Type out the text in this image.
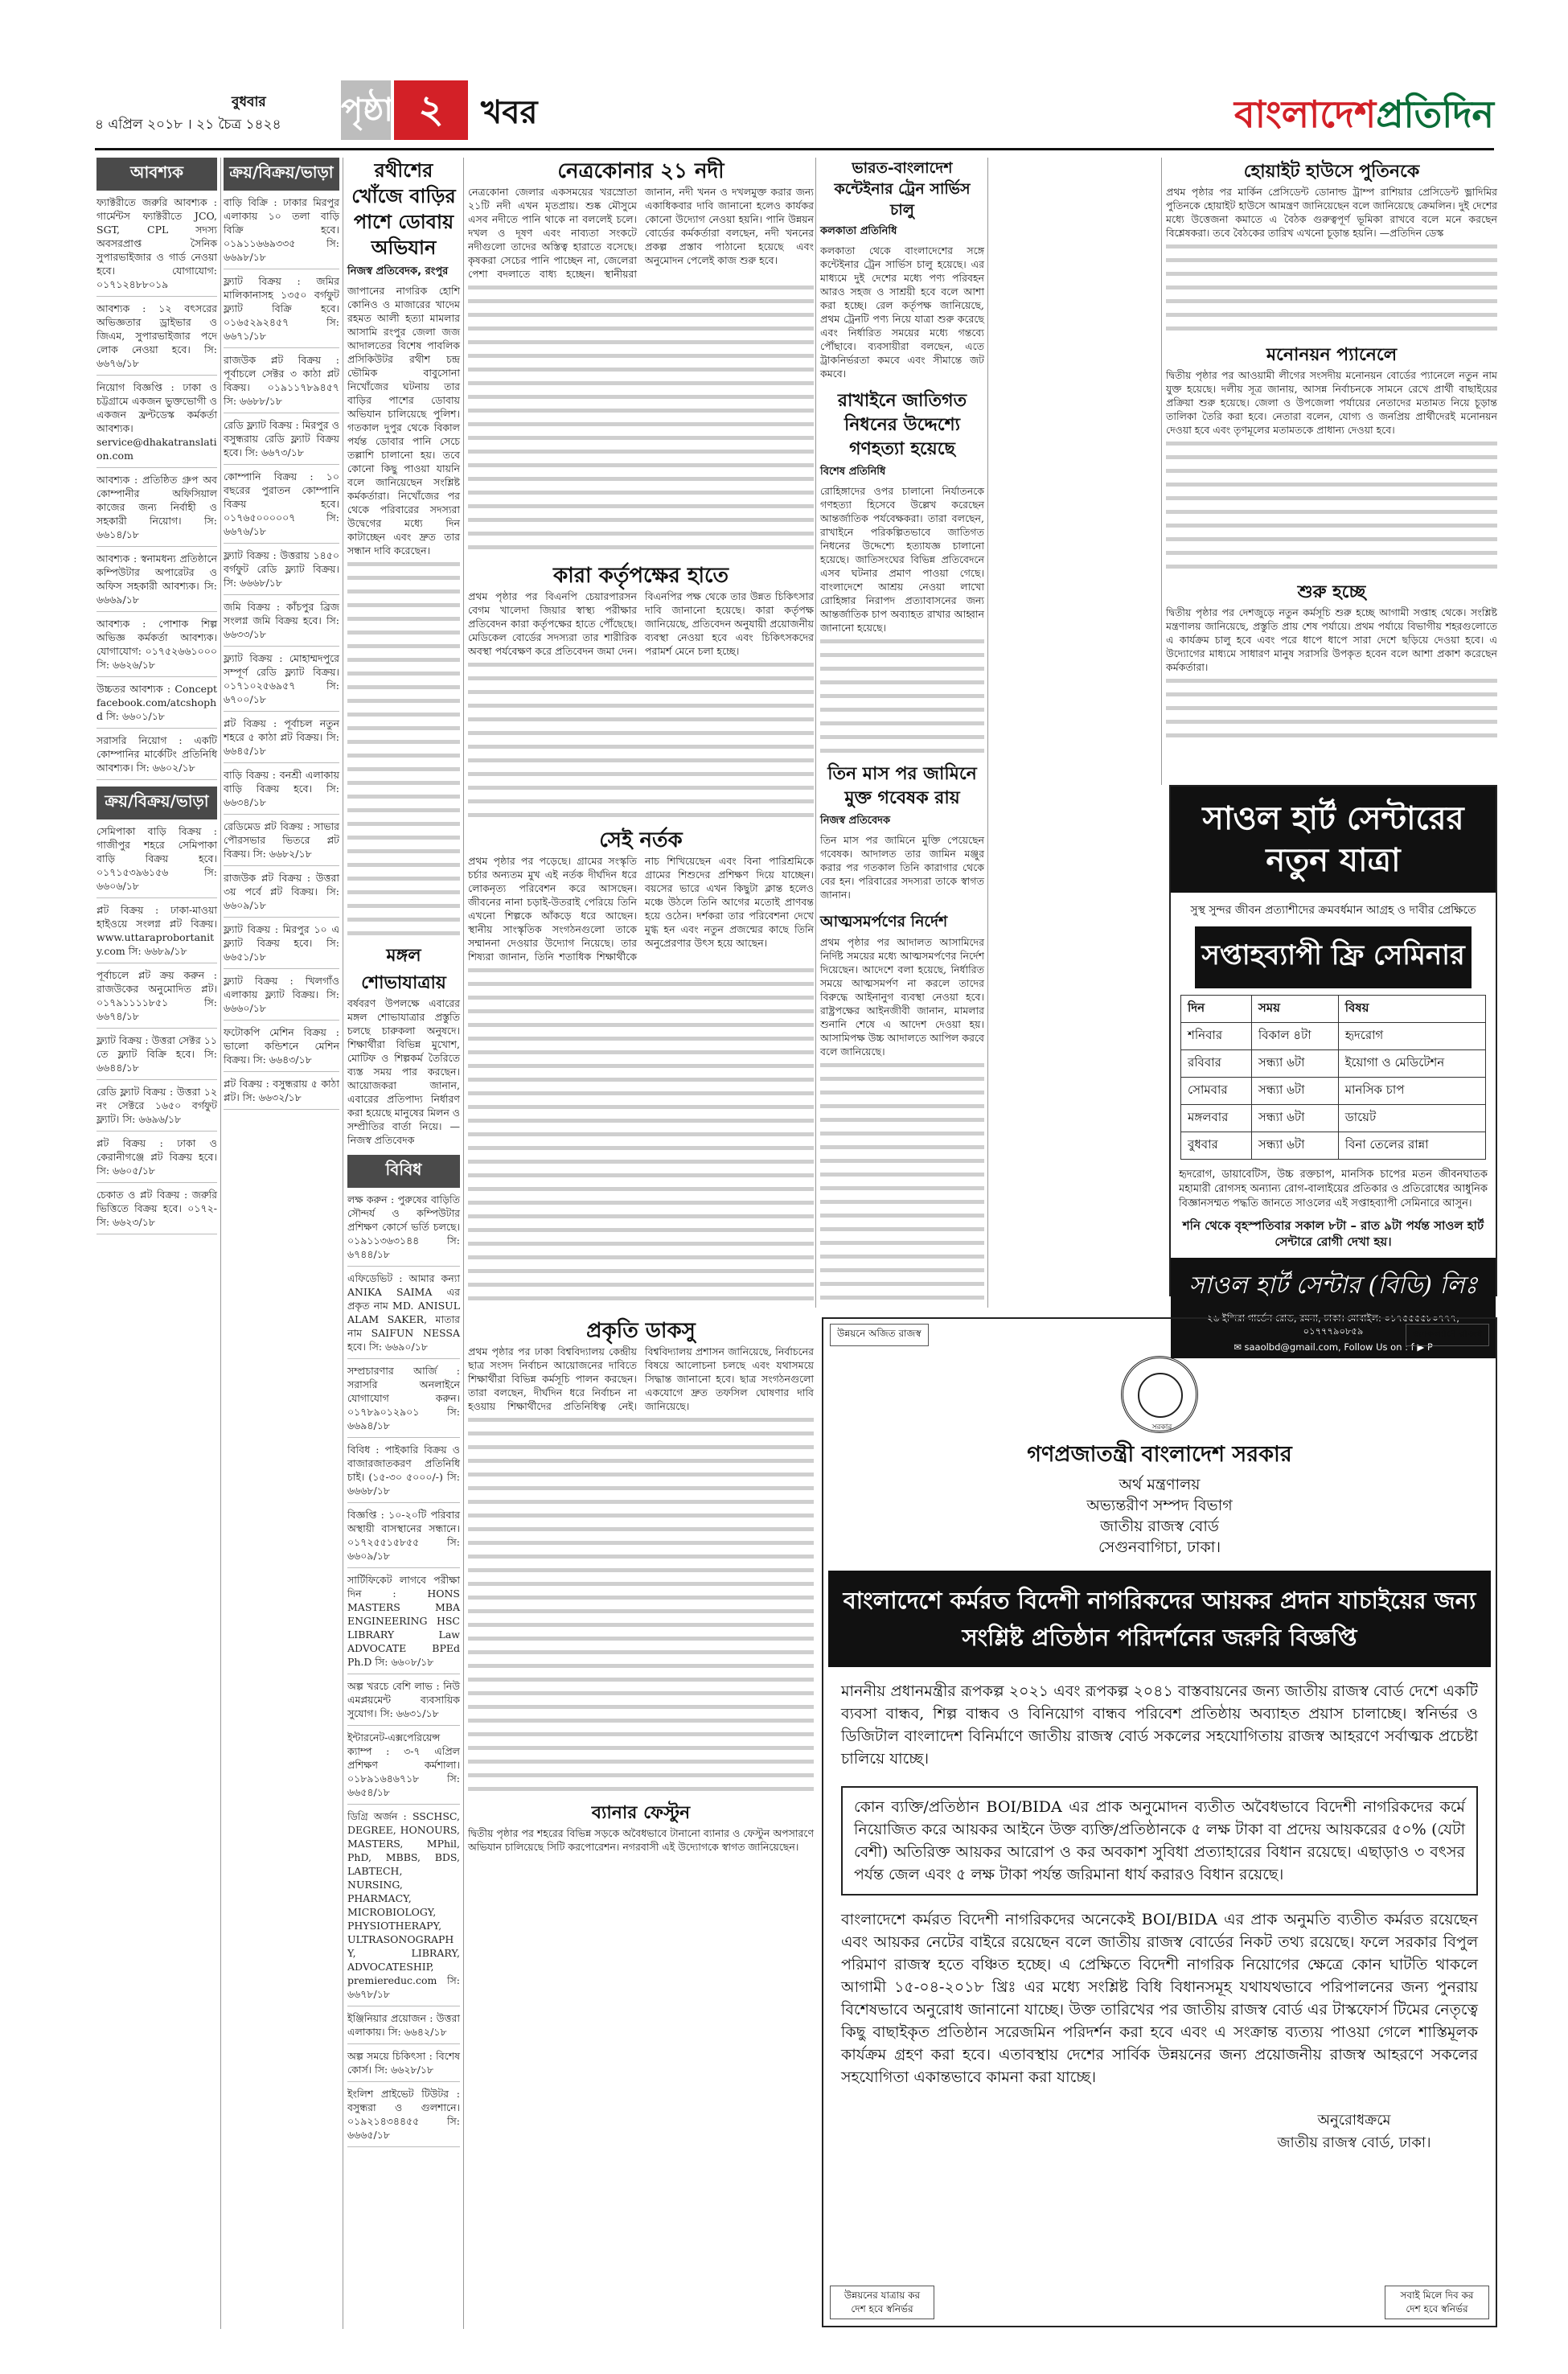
বুধবার
৪ এপ্রিল ২০১৮ । ২১ চৈত্র ১৪২৪ পৃষ্ঠা ২	খবর	বাংলাদেশপ্রতিদিন
আবশ্যক
ফ্যাক্টরীতে জরুরি আবশ্যক : গার্মেন্টস ফ্যাক্টরীতে JCO, SGT, CPL সদস্য অবসরপ্রাপ্ত সৈনিক সুপারভাইজার ও গার্ড নেওয়া হবে। যোগাযোগ: ০১৭১২৪৮৮০১৯
আবশ্যক : ১২ বৎসরের অভিজ্ঞতার ড্রাইভার ও জিএম, সুপারভাইজার পদে লোক নেওয়া হবে। সি: ৬৬৭৬/১৮
নিয়োগ বিজ্ঞপ্তি : ঢাকা ও চট্টগ্রামে একজন ভুক্তভোগী ও একজন ফ্রন্টডেস্ক কর্মকর্তা আবশ্যক। service@dhakatranslation.com
আবশ্যক : প্রতিষ্ঠিত গ্রুপ অব কোম্পানীর অফিসিয়াল কাজের জন্য নির্বাহী ও সহকারী নিয়োগ। সি: ৬৬১৪/১৮
আবশ্যক : স্বনামধন্য প্রতিষ্ঠানে কম্পিউটার অপারেটর ও অফিস সহকারী আবশ্যক। সি: ৬৬৬৯/১৮
আবশ্যক : পোশাক শিল্প অভিজ্ঞ কর্মকর্তা আবশ্যক। যোগাযোগ: ০১৭৫২৬৬১০০০ সি: ৬৬২৬/১৮
উচ্চতর আবশ্যক : Concept facebook.com/atcshophd সি: ৬৬০১/১৮
সরাসরি নিয়োগ : একটি কোম্পানির মার্কেটিং প্রতিনিধি আবশ্যক। সি: ৬৬০২/১৮
ক্রয়/বিক্রয়/ভাড়া
সেমিপাকা বাড়ি বিক্রয় : গাজীপুর শহরে সেমিপাকা বাড়ি বিক্রয় হবে। ০১৭১৫৩৯৬১৫৬ সি: ৬৬০৬/১৮
প্লট বিক্রয় : ঢাকা-মাওয়া হাইওয়ে সংলগ্ন প্লট বিক্রয়। www.uttaraprobortanity.com সি: ৬৬৮৯/১৮
পূর্বাচলে প্লট ক্রয় করুন : রাজউকের অনুমোদিত প্লট। ০১৭৯১১১১৮৫১ সি: ৬৬৭৪/১৮
ফ্ল্যাট বিক্রয় : উত্তরা সেক্টর ১১ তে ফ্ল্যাট বিক্রি হবে। সি: ৬৬৪৪/১৮
রেডি ফ্ল্যাট বিক্রয় : উত্তরা ১২ নং সেক্টরে ১৬৫০ বর্গফুট ফ্ল্যাট। সি: ৬৬৯৬/১৮
প্লট বিক্রয় : ঢাকা ও কেরানীগঞ্জে প্লট বিক্রয় হবে। সি: ৬৬০৫/১৮
চেকাত ও প্লট বিক্রয় : জরুরি ভিত্তিতে বিক্রয় হবে। ০১৭২- সি: ৬৬২৩/১৮
ক্রয়/বিক্রয়/ভাড়া
বাড়ি বিক্রি : ঢাকার মিরপুর এলাকায় ১০ তলা বাড়ি বিক্রি হবে। ০১৯১১৬৬৯৩৩৫ সি: ৬৬৯৮/১৮
ফ্ল্যাট বিক্রয় : জমির মালিকানাসহ ১৩৫০ বর্গফুট ফ্ল্যাট বিক্রি হবে। ০১৬৫২৯২৪৫৭ সি: ৬৬৭১/১৮
রাজউক প্লট বিক্রয় : পূর্বাচলে সেক্টর ৩ কাঠা প্লট বিক্রয়। ০১৯১১৭৮৯৪৫৭ সি: ৬৬৮৮/১৮
রেডি ফ্ল্যাট বিক্রয় : মিরপুর ও বসুন্ধরায় রেডি ফ্ল্যাট বিক্রয় হবে। সি: ৬৬৭৩/১৮
কোম্পানি বিক্রয় : ১০ বছরের পুরাতন কোম্পানি বিক্রয় হবে। ০১৭৬৫০০০০০৭ সি: ৬৬৭৬/১৮
ফ্ল্যাট বিক্রয় : উত্তরায় ১৪৫০ বর্গফুট রেডি ফ্ল্যাট বিক্রয়। সি: ৬৬৬৮/১৮
জমি বিক্রয় : কাঁচপুর ব্রিজ সংলগ্ন জমি বিক্রয় হবে। সি: ৬৬৩৩/১৮
ফ্ল্যাট বিক্রয় : মোহাম্মদপুরে সম্পূর্ণ রেডি ফ্ল্যাট বিক্রয়। ০১৭১০২৫৬৯৫৭ সি: ৬৭০০/১৮
প্লট বিক্রয় : পূর্বাচল নতুন শহরে ৫ কাঠা প্লট বিক্রয়। সি: ৬৬৪৫/১৮
বাড়ি বিক্রয় : বনশ্রী এলাকায় বাড়ি বিক্রয় হবে। সি: ৬৬৩৪/১৮
রেডিমেড প্লট বিক্রয় : সাভার পৌরসভার ভিতরে প্লট বিক্রয়। সি: ৬৬৮২/১৮
রাজউক প্লট বিক্রয় : উত্তরা ৩য় পর্বে প্লট বিক্রয়। সি: ৬৬০৯/১৮
ফ্ল্যাট বিক্রয় : মিরপুর ১০ এ ফ্ল্যাট বিক্রয় হবে। সি: ৬৬৫১/১৮
ফ্ল্যাট বিক্রয় : খিলগাঁও এলাকায় ফ্ল্যাট বিক্রয়। সি: ৬৬৬০/১৮
ফটোকপি মেশিন বিক্রয় : ভালো কন্ডিশনে মেশিন বিক্রয়। সি: ৬৬৪৩/১৮
প্লট বিক্রয় : বসুন্ধরায় ৫ কাঠা প্লট। সি: ৬৬৩২/১৮
রথীশের খোঁজে বাড়ির পাশে ডোবায় অভিযান
নিজস্ব প্রতিবেদক, রংপুর
জাপানের নাগরিক হোশি কোনিও ও মাজারের খাদেম রহমত আলী হত্যা মামলার আসামি রংপুর জেলা জজ আদালতের বিশেষ পাবলিক প্রসিকিউটর রথীশ চন্দ্র ভৌমিক বাবুসোনা নিখোঁজের ঘটনায় তার বাড়ির পাশের ডোবায় অভিযান চালিয়েছে পুলিশ। গতকাল দুপুর থেকে বিকাল পর্যন্ত ডোবার পানি সেচে তল্লাশি চালানো হয়। তবে কোনো কিছু পাওয়া যায়নি বলে জানিয়েছেন সংশ্লিষ্ট কর্মকর্তারা। নিখোঁজের পর থেকে পরিবারের সদস্যরা উদ্বেগের মধ্যে দিন কাটাচ্ছেন এবং দ্রুত তার সন্ধান দাবি করেছেন।
মঙ্গল শোভাযাত্রায়
বর্ষবরণ উপলক্ষে এবারের মঙ্গল শোভাযাত্রার প্রস্তুতি চলছে চারুকলা অনুষদে। শিক্ষার্থীরা বিভিন্ন মুখোশ, মোটিফ ও শিল্পকর্ম তৈরিতে ব্যস্ত সময় পার করছেন। আয়োজকরা জানান, এবারের প্রতিপাদ্য নির্ধারণ করা হয়েছে মানুষের মিলন ও সম্প্রীতির বার্তা নিয়ে। —নিজস্ব প্রতিবেদক
বিবিধ
লক্ষ করুন : পুরুষের বাড়িতি সৌন্দর্য ও কম্পিউটার প্রশিক্ষণ কোর্সে ভর্তি চলছে। ০১৯১১৩৬৩১৪৪ সি: ৬৭৪৪/১৮
এফিডেভিট : আমার কন্যা ANIKA SAIMA এর প্রকৃত নাম MD. ANISUL ALAM SAKER, মাতার নাম SAIFUN NESSA হবে। সি: ৬৬৯০/১৮
সম্প্রচারণার আর্জি : সরাসরি অনলাইনে যোগাযোগ করুন। ০১৭৮৯০১২৯০১ সি: ৬৬৯৪/১৮
বিবিধ : পাইকারি বিক্রয় ও বাজারজাতকরণ প্রতিনিধি চাই। (১৫-৩০ ৫০০০/-) সি: ৬৬৬৮/১৮
বিজ্ঞপ্তি : ১০-২০টি পরিবার অস্থায়ী বাসস্থানের সন্ধানে। ০১৭২৫৫১৫৮৫৫ সি: ৬৬০৯/১৮
সার্টিফিকেট লাগবে পরীক্ষা দিন : HONS MASTERS MBA ENGINEERING HSC LIBRARY Law ADVOCATE BPEd Ph.D সি: ৬৬০৮/১৮
অল্প খরচে বেশি লাভ : নিউ এমপ্লয়মেন্ট ব্যবসায়িক সুযোগ। সি: ৬৬৩১/১৮
ইন্টারনেট-এক্সপেরিয়েন্স ক্যাম্প : ৩-৭ এপ্রিল প্রশিক্ষণ কর্মশালা। ০১৮৯১৬৪৬৭১৮ সি: ৬৬৫৪/১৮
ডিগ্রি অর্জন : SSCHSC, DEGREE, HONOURS, MASTERS, MPhil, PhD, MBBS, BDS, LABTECH, NURSING, PHARMACY, MICROBIOLOGY, PHYSIOTHERAPY, ULTRASONOGRAPHY, LIBRARY, ADVOCATESHIP, premiereduc.com সি: ৬৬৭৮/১৮
ইঞ্জিনিয়ার প্রয়োজন : উত্তরা এলাকায়। সি: ৬৬৪২/১৮
অল্প সময়ে চিকিৎসা : বিশেষ কোর্স। সি: ৬৬২৮/১৮
ইংলিশ প্রাইভেট টিউটর : বসুন্ধরা ও গুলশানে। ০১৯২১৪৩৪৪৫৫ সি: ৬৬৬৫/১৮
নেত্রকোনার ২১ নদী
নেত্রকোনা জেলার একসময়ের খরস্রোতা ২১টি নদী এখন মৃতপ্রায়। শুষ্ক মৌসুমে এসব নদীতে পানি থাকে না বললেই চলে। দখল ও দূষণ এবং নাব্যতা সংকটে নদীগুলো তাদের অস্তিত্ব হারাতে বসেছে। কৃষকরা সেচের পানি পাচ্ছেন না, জেলেরা পেশা বদলাতে বাধ্য হচ্ছেন। স্থানীয়রা জানান, নদী খনন ও দখলমুক্ত করার জন্য একাধিকবার দাবি জানানো হলেও কার্যকর কোনো উদ্যোগ নেওয়া হয়নি। পানি উন্নয়ন বোর্ডের কর্মকর্তারা বলছেন, নদী খননের প্রকল্প প্রস্তাব পাঠানো হয়েছে এবং অনুমোদন পেলেই কাজ শুরু হবে।
কারা কর্তৃপক্ষের হাতে
প্রথম পৃষ্ঠার পর বিএনপি চেয়ারপারসন বেগম খালেদা জিয়ার স্বাস্থ্য পরীক্ষার প্রতিবেদন কারা কর্তৃপক্ষের হাতে পৌঁছেছে। মেডিকেল বোর্ডের সদস্যরা তার শারীরিক অবস্থা পর্যবেক্ষণ করে প্রতিবেদন জমা দেন। বিএনপির পক্ষ থেকে তার উন্নত চিকিৎসার দাবি জানানো হয়েছে। কারা কর্তৃপক্ষ জানিয়েছে, প্রতিবেদন অনুযায়ী প্রয়োজনীয় ব্যবস্থা নেওয়া হবে এবং চিকিৎসকদের পরামর্শ মেনে চলা হচ্ছে।
সেই নর্তক
প্রথম পৃষ্ঠার পর পড়েছে। গ্রামের সংস্কৃতি চর্চার অন্যতম মুখ এই নর্তক দীর্ঘদিন ধরে লোকনৃত্য পরিবেশন করে আসছেন। জীবনের নানা চড়াই-উতরাই পেরিয়ে তিনি এখনো শিল্পকে আঁকড়ে ধরে আছেন। স্থানীয় সাংস্কৃতিক সংগঠনগুলো তাকে সম্মাননা দেওয়ার উদ্যোগ নিয়েছে। তার শিষ্যরা জানান, তিনি শতাধিক শিক্ষার্থীকে নাচ শিখিয়েছেন এবং বিনা পারিশ্রমিকে গ্রামের শিশুদের প্রশিক্ষণ দিয়ে যাচ্ছেন। বয়সের ভারে এখন কিছুটা ক্লান্ত হলেও মঞ্চে উঠলে তিনি আগের মতোই প্রাণবন্ত হয়ে ওঠেন। দর্শকরা তার পরিবেশনা দেখে মুগ্ধ হন এবং নতুন প্রজন্মের কাছে তিনি অনুপ্রেরণার উৎস হয়ে আছেন।
প্রকৃতি ডাকসু
প্রথম পৃষ্ঠার পর ঢাকা বিশ্ববিদ্যালয় কেন্দ্রীয় ছাত্র সংসদ নির্বাচন আয়োজনের দাবিতে শিক্ষার্থীরা বিভিন্ন কর্মসূচি পালন করছেন। তারা বলছেন, দীর্ঘদিন ধরে নির্বাচন না হওয়ায় শিক্ষার্থীদের প্রতিনিধিত্ব নেই। বিশ্ববিদ্যালয় প্রশাসন জানিয়েছে, নির্বাচনের বিষয়ে আলোচনা চলছে এবং যথাসময়ে সিদ্ধান্ত জানানো হবে। ছাত্র সংগঠনগুলো একযোগে দ্রুত তফসিল ঘোষণার দাবি জানিয়েছে।
ব্যানার ফেস্টুন
দ্বিতীয় পৃষ্ঠার পর শহরের বিভিন্ন সড়কে অবৈধভাবে টানানো ব্যানার ও ফেস্টুন অপসারণে অভিযান চালিয়েছে সিটি করপোরেশন। নগরবাসী এই উদ্যোগকে স্বাগত জানিয়েছেন।
ভারত-বাংলাদেশ কন্টেইনার ট্রেন সার্ভিস চালু
কলকাতা প্রতিনিধি
কলকাতা থেকে বাংলাদেশের সঙ্গে কন্টেইনার ট্রেন সার্ভিস চালু হয়েছে। এর মাধ্যমে দুই দেশের মধ্যে পণ্য পরিবহন আরও সহজ ও সাশ্রয়ী হবে বলে আশা করা হচ্ছে। রেল কর্তৃপক্ষ জানিয়েছে, প্রথম ট্রেনটি পণ্য নিয়ে যাত্রা শুরু করেছে এবং নির্ধারিত সময়ের মধ্যে গন্তব্যে পৌঁছাবে। ব্যবসায়ীরা বলছেন, এতে ট্রাকনির্ভরতা কমবে এবং সীমান্তে জট কমবে।
রাখাইনে জাতিগত নিধনের উদ্দেশ্যে গণহত্যা হয়েছে
বিশেষ প্রতিনিধি
রোহিঙ্গাদের ওপর চালানো নির্যাতনকে গণহত্যা হিসেবে উল্লেখ করেছেন আন্তর্জাতিক পর্যবেক্ষকরা। তারা বলছেন, রাখাইনে পরিকল্পিতভাবে জাতিগত নিধনের উদ্দেশ্যে হত্যাযজ্ঞ চালানো হয়েছে। জাতিসংঘের বিভিন্ন প্রতিবেদনে এসব ঘটনার প্রমাণ পাওয়া গেছে। বাংলাদেশে আশ্রয় নেওয়া লাখো রোহিঙ্গার নিরাপদ প্রত্যাবাসনের জন্য আন্তর্জাতিক চাপ অব্যাহত রাখার আহ্বান জানানো হয়েছে।
তিন মাস পর জামিনে মুক্ত গবেষক রায়
নিজস্ব প্রতিবেদক
তিন মাস পর জামিনে মুক্তি পেয়েছেন গবেষক। আদালত তার জামিন মঞ্জুর করার পর গতকাল তিনি কারাগার থেকে বের হন। পরিবারের সদস্যরা তাকে স্বাগত জানান।
আত্মসমর্পণের নির্দেশ
প্রথম পৃষ্ঠার পর আদালত আসামিদের নির্দিষ্ট সময়ের মধ্যে আত্মসমর্পণের নির্দেশ দিয়েছেন। আদেশে বলা হয়েছে, নির্ধারিত সময়ে আত্মসমর্পণ না করলে তাদের বিরুদ্ধে আইনানুগ ব্যবস্থা নেওয়া হবে। রাষ্ট্রপক্ষের আইনজীবী জানান, মামলার শুনানি শেষে এ আদেশ দেওয়া হয়। আসামিপক্ষ উচ্চ আদালতে আপিল করবে বলে জানিয়েছে।
হোয়াইট হাউসে পুতিনকে
প্রথম পৃষ্ঠার পর মার্কিন প্রেসিডেন্ট ডোনাল্ড ট্রাম্প রাশিয়ার প্রেসিডেন্ট ভ্লাদিমির পুতিনকে হোয়াইট হাউসে আমন্ত্রণ জানিয়েছেন বলে জানিয়েছে ক্রেমলিন। দুই দেশের মধ্যে উত্তেজনা কমাতে এ বৈঠক গুরুত্বপূর্ণ ভূমিকা রাখবে বলে মনে করছেন বিশ্লেষকরা। তবে বৈঠকের তারিখ এখনো চূড়ান্ত হয়নি। —প্রতিদিন ডেস্ক
মনোনয়ন প্যানেলে
দ্বিতীয় পৃষ্ঠার পর আওয়ামী লীগের সংসদীয় মনোনয়ন বোর্ডের প্যানেলে নতুন নাম যুক্ত হয়েছে। দলীয় সূত্র জানায়, আসন্ন নির্বাচনকে সামনে রেখে প্রার্থী বাছাইয়ের প্রক্রিয়া শুরু হয়েছে। জেলা ও উপজেলা পর্যায়ের নেতাদের মতামত নিয়ে চূড়ান্ত তালিকা তৈরি করা হবে। নেতারা বলেন, যোগ্য ও জনপ্রিয় প্রার্থীদেরই মনোনয়ন দেওয়া হবে এবং তৃণমূলের মতামতকে প্রাধান্য দেওয়া হবে।
শুরু হচ্ছে
দ্বিতীয় পৃষ্ঠার পর দেশজুড়ে নতুন কর্মসূচি শুরু হচ্ছে আগামী সপ্তাহ থেকে। সংশ্লিষ্ট মন্ত্রণালয় জানিয়েছে, প্রস্তুতি প্রায় শেষ পর্যায়ে। প্রথম পর্যায়ে বিভাগীয় শহরগুলোতে এ কার্যক্রম চালু হবে এবং পরে ধাপে ধাপে সারা দেশে ছড়িয়ে দেওয়া হবে। এ উদ্যোগের মাধ্যমে সাধারণ মানুষ সরাসরি উপকৃত হবেন বলে আশা প্রকাশ করেছেন কর্মকর্তারা।
সাওল হার্ট সেন্টারের নতুন যাত্রা
সুস্থ সুন্দর জীবন প্রত্যাশীদের ক্রমবর্ধমান আগ্রহ ও দাবীর প্রেক্ষিতে
সপ্তাহব্যাপী ফ্রি সেমিনার
দিন	সময়	বিষয়
শনিবার	বিকাল ৪টা	হৃদরোগ
রবিবার	সন্ধ্যা ৬টা	ইয়োগা ও মেডিটেশন
সোমবার	সন্ধ্যা ৬টা	মানসিক চাপ
মঙ্গলবার	সন্ধ্যা ৬টা	ডায়েট
বুধবার	সন্ধ্যা ৬টা	বিনা তেলের রান্না
হৃদরোগ, ডায়াবেটিস, উচ্চ রক্তচাপ, মানসিক চাপের মতন জীবনঘাতক মহামারী রোগসহ অন্যান্য রোগ-বালাইয়ের প্রতিকার ও প্রতিরোধের আধুনিক বিজ্ঞানসম্মত পদ্ধতি জানতে সাওলের এই সপ্তাহব্যাপী সেমিনারে আসুন।
শনি থেকে বৃহস্পতিবার সকাল ৮টা – রাত ৯টা পর্যন্ত সাওল হার্ট সেন্টারে রোগী দেখা হয়।
সাওল হার্ট সেন্টার (বিডি) লিঃ
২৬ ইন্দিরা গার্ডেন রোড, রমনা, ঢাকা। মোবাইল: ০১৭৫৫৫৫৮০৭৭৭, ০১৭৭৭৯০৮৫৯
✉ saaolbd@gmail.com, Follow Us on : f ▶ P
উন্নয়নে অজিত রাজস্ব	জনকল্যাণে রাজস্ব
সরকার
গণপ্রজাতন্ত্রী বাংলাদেশ সরকার
অর্থ মন্ত্রণালয়
অভ্যন্তরীণ সম্পদ বিভাগ
জাতীয় রাজস্ব বোর্ড
সেগুনবাগিচা, ঢাকা।
বাংলাদেশে কর্মরত বিদেশী নাগরিকদের আয়কর প্রদান যাচাইয়ের জন্য সংশ্লিষ্ট প্রতিষ্ঠান পরিদর্শনের জরুরি বিজ্ঞপ্তি
মাননীয় প্রধানমন্ত্রীর রূপকল্প ২০২১ এবং রূপকল্প ২০৪১ বাস্তবায়নের জন্য জাতীয় রাজস্ব বোর্ড দেশে একটি ব্যবসা বান্ধব, শিল্প বান্ধব ও বিনিয়োগ বান্ধব পরিবেশ প্রতিষ্ঠায় অব্যাহত প্রয়াস চালাচ্ছে। স্বনির্ভর ও ডিজিটাল বাংলাদেশ বিনির্মাণে জাতীয় রাজস্ব বোর্ড সকলের সহযোগিতায় রাজস্ব আহরণে সর্বাত্মক প্রচেষ্টা চালিয়ে যাচ্ছে।
কোন ব্যক্তি/প্রতিষ্ঠান BOI/BIDA এর প্রাক অনুমোদন ব্যতীত অবৈধভাবে বিদেশী নাগরিকদের কর্মে নিয়োজিত করে আয়কর আইনে উক্ত ব্যক্তি/প্রতিষ্ঠানকে ৫ লক্ষ টাকা বা প্রদেয় আয়করের ৫০% (যেটা বেশী) অতিরিক্ত আয়কর আরোপ ও কর অবকাশ সুবিধা প্রত্যাহারের বিধান রয়েছে। এছাড়াও ৩ বৎসর পর্যন্ত জেল এবং ৫ লক্ষ টাকা পর্যন্ত জরিমানা ধার্য করারও বিধান রয়েছে।
বাংলাদেশে কর্মরত বিদেশী নাগরিকদের অনেকেই BOI/BIDA এর প্রাক অনুমতি ব্যতীত কর্মরত রয়েছেন এবং আয়কর নেটের বাইরে রয়েছেন বলে জাতীয় রাজস্ব বোর্ডের নিকট তথ্য রয়েছে। ফলে সরকার বিপুল পরিমাণ রাজস্ব হতে বঞ্চিত হচ্ছে। এ প্রেক্ষিতে বিদেশী নাগরিক নিয়োগের ক্ষেত্রে কোন ঘাটতি থাকলে আগামী ১৫-০৪-২০১৮ খ্রিঃ এর মধ্যে সংশ্লিষ্ট বিধি বিধানসমূহ যথাযথভাবে পরিপালনের জন্য পুনরায় বিশেষভাবে অনুরোধ জানানো যাচ্ছে। উক্ত তারিখের পর জাতীয় রাজস্ব বোর্ড এর টাস্কফোর্স টিমের নেতৃত্বে কিছু বাছাইকৃত প্রতিষ্ঠান সরেজমিন পরিদর্শন করা হবে এবং এ সংক্রান্ত ব্যত্যয় পাওয়া গেলে শাস্তিমূলক কার্যক্রম গ্রহণ করা হবে। এতাবস্থায় দেশের সার্বিক উন্নয়নের জন্য প্রয়োজনীয় রাজস্ব আহরণে সকলের সহযোগিতা একান্তভাবে কামনা করা যাচ্ছে।
অনুরোধক্রমে
জাতীয় রাজস্ব বোর্ড, ঢাকা।
উন্নয়নের যাত্রায় কর দেশ হবে স্বনির্ভর
সবাই মিলে দিব কর দেশ হবে স্বনির্ভর
